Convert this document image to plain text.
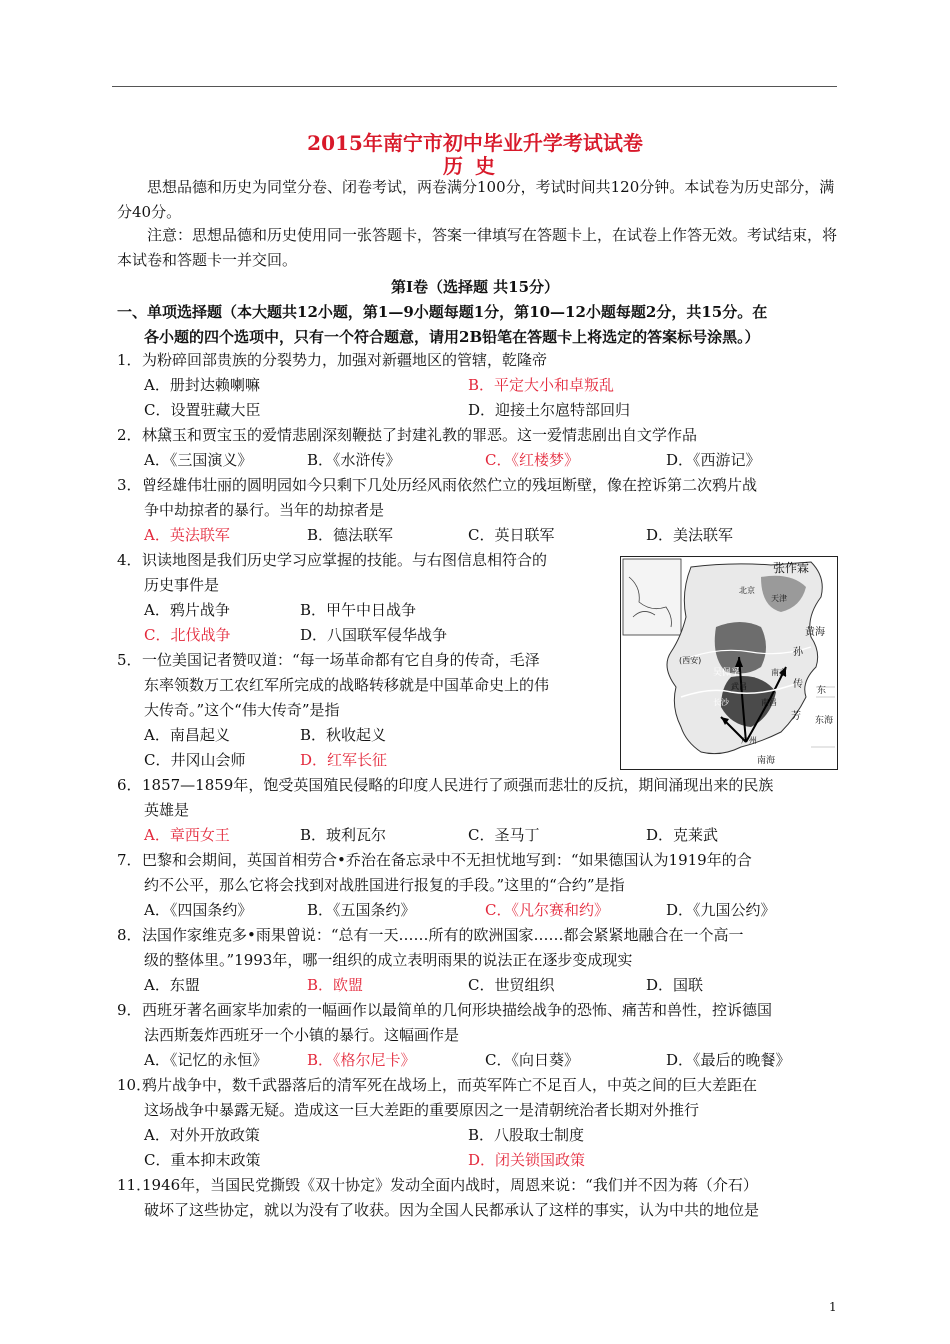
2015年南宁市初中毕业升学考试试卷
历史
思想品德和历史为同堂分卷、闭卷考试，两卷满分100分，考试时间共120分钟。本试卷为历史部分，满分40分。
注意：思想品德和历史使用同一张答题卡，答案一律填写在答题卡上，在试卷上作答无效。考试结束，将本试卷和答题卡一并交回。
第Ⅰ卷（选择题 共15分）
一、单项选择题（本大题共12小题，第1—9小题每题1分，第10—12小题每题2分，共15分。在
各小题的四个选项中，只有一个符合题意，请用2B铅笔在答题卡上将选定的答案标号涂黑。）
1．为粉碎回部贵族的分裂势力，加强对新疆地区的管辖，乾隆帝
A．册封达赖喇嘛	B．平定大小和卓叛乱
C．设置驻藏大臣	D．迎接土尔扈特部回归
2．林黛玉和贾宝玉的爱情悲剧深刻鞭挞了封建礼教的罪恶。这一爱情悲剧出自文学作品
A．《三国演义》	B．《水浒传》	C．《红楼梦》	D．《西游记》
3．曾经雄伟壮丽的圆明园如今只剩下几处历经风雨依然伫立的残垣断壁，像在控诉第二次鸦片战
争中劫掠者的暴行。当年的劫掠者是
A．英法联军	B．德法联军	C．英日联军	D．美法联军
4．识读地图是我们历史学习应掌握的技能。与右图信息相符合的
历史事件是
A．鸦片战争	B．甲午中日战争
C．北伐战争	D．八国联军侵华战争
5．一位美国记者赞叹道：“每一场革命都有它自身的传奇，毛泽
东率领数万工农红军所完成的战略转移就是中国革命史上的伟
大传奇。”这个“伟大传奇”是指
A．南昌起义	B．秋收起义
C．井冈山会师	D．红军长征
张作霖
北京
天津
黄海
(西安)
吴佩孚
孙
南京
武昌	传
东
南昌
长沙
芳 东海
广州
南海
6．1857—1859年，饱受英国殖民侵略的印度人民进行了顽强而悲壮的反抗，期间涌现出来的民族
英雄是
A．章西女王	B．玻利瓦尔	C．圣马丁	D．克莱武
7．巴黎和会期间，英国首相劳合•乔治在备忘录中不无担忧地写到：“如果德国认为1919年的合
约不公平，那么它将会找到对战胜国进行报复的手段。”这里的“合约”是指
A．《四国条约》	B．《五国条约》	C．《凡尔赛和约》	D．《九国公约》
8．法国作家维克多•雨果曾说：“总有一天……所有的欧洲国家……都会紧紧地融合在一个高一
级的整体里。”1993年，哪一组织的成立表明雨果的说法正在逐步变成现实
A．东盟	B．欧盟	C．世贸组织	D．国联
9．西班牙著名画家毕加索的一幅画作以最简单的几何形块描绘战争的恐怖、痛苦和兽性，控诉德国
法西斯轰炸西班牙一个小镇的暴行。这幅画作是
A．《记忆的永恒》	B．《格尔尼卡》	C．《向日葵》	D．《最后的晚餐》
10．鸦片战争中，数千武器落后的清军死在战场上，而英军阵亡不足百人，中英之间的巨大差距在
这场战争中暴露无疑。造成这一巨大差距的重要原因之一是清朝统治者长期对外推行
A．对外开放政策	B．八股取士制度
C．重本抑末政策	D．闭关锁国政策
11．1946年，当国民党撕毁《双十协定》发动全面内战时，周恩来说：“我们并不因为蒋（介石）
破坏了这些协定，就以为没有了收获。因为全国人民都承认了这样的事实，认为中共的地位是
1
